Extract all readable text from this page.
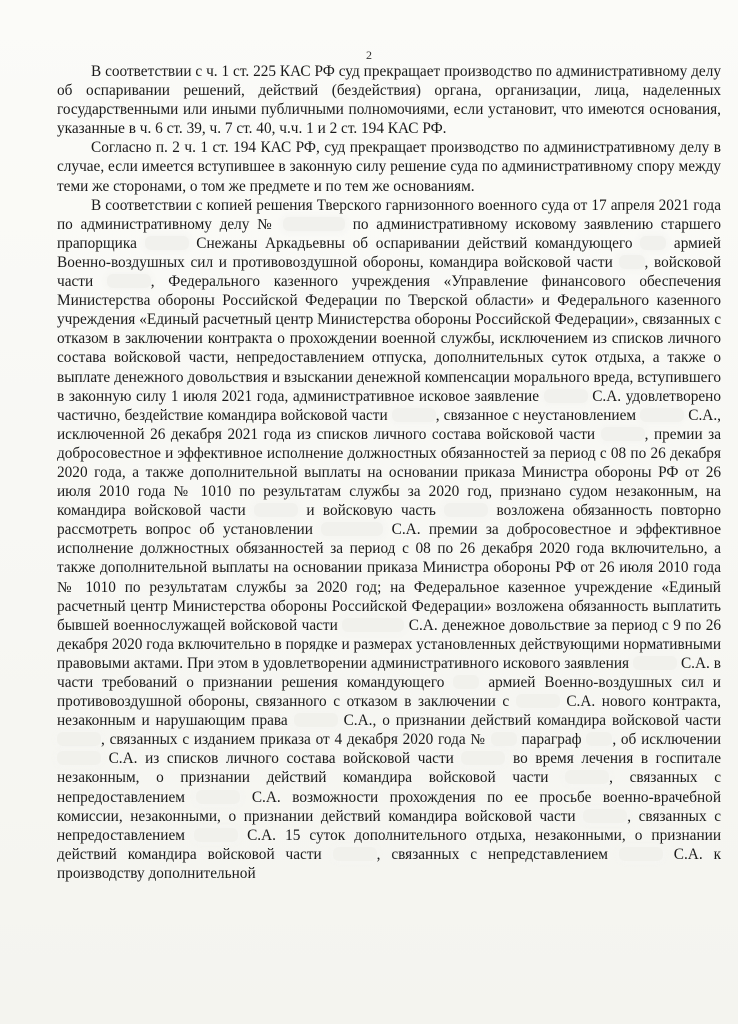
2

В соответствии с ч. 1 ст. 225 КАС РФ суд прекращает производство по административному делу об оспаривании решений, действий (бездействия) органа, организации, лица, наделенных государственными или иными публичными полномочиями, если установит, что имеются основания, указанные в ч. 6 ст. 39, ч. 7 ст. 40, ч.ч. 1 и 2 ст. 194 КАС РФ.

Согласно п. 2 ч. 1 ст. 194 КАС РФ, суд прекращает производство по административному делу в случае, если имеется вступившее в законную силу решение суда по административному спору между теми же сторонами, о том же предмете и по тем же основаниям.

В соответствии с копией решения Тверского гарнизонного военного суда от 17 апреля 2021 года по административному делу №	по административному исковому заявлению старшего прапорщика	Снежаны Аркадьевны об оспаривании действий командующего	армией Военно-воздушных сил и противовоздушной обороны, командира войсковой части , войсковой части	, Федерального казенного учреждения «Управление финансового обеспечения Министерства обороны Российской Федерации по Тверской области» и Федерального казенного учреждения «Единый расчетный центр Министерства обороны Российской Федерации», связанных с отказом в заключении контракта о прохождении военной службы, исключением из списков личного состава войсковой части, непредоставлением отпуска, дополнительных суток отдыха, а также о выплате денежного довольствия и взыскании денежной компенсации морального вреда, вступившего в законную силу 1 июля 2021 года, административное исковое заявление	С.А. удовлетворено частично, бездействие командира войсковой части	, связанное с неустановлением	С.А., исключенной 26 декабря 2021 года из списков личного состава войсковой части	, премии за добросовестное и эффективное исполнение должностных обязанностей за период с 08 по 26 декабря 2020 года, а также дополнительной выплаты на основании приказа Министра обороны РФ от 26 июля 2010 года № 1010 по результатам службы за 2020 год, признано судом незаконным, на командира войсковой части	и войсковую часть	возложена обязанность повторно рассмотреть вопрос об установлении	С.А. премии за добросовестное и эффективное исполнение должностных обязанностей за период с 08 по 26 декабря 2020 года включительно, а также дополнительной выплаты на основании приказа Министра обороны РФ от 26 июля 2010 года № 1010 по результатам службы за 2020 год; на Федеральное казенное учреждение «Единый расчетный центр Министерства обороны Российской Федерации» возложена обязанность выплатить бывшей военнослужащей войсковой части	С.А. денежное довольствие за период с 9 по 26 декабря 2020 года включительно в порядке и размерах установленных действующими нормативными правовыми актами. При этом в удовлетворении административного искового заявления	С.А. в части требований о признании решения командующего	армией Военно-воздушных сил и противовоздушной обороны, связанного с отказом в заключении с	С.А. нового контракта, незаконным и нарушающим права	С.А., о признании действий командира войсковой части , связанных с изданием приказа от 4 декабря 2020 года № параграф , об исключении  С.А. из списков личного состава войсковой части	во время лечения в госпитале незаконным, о признании действий командира войсковой части	, связанных с непредоставлением	С.А. возможности прохождения по ее просьбе военно-врачебной комиссии, незаконными, о признании действий командира войсковой части	, связанных с непредоставлением	С.А. 15 суток дополнительного отдыха, незаконными, о признании действий командира войсковой части	, связанных с непредставлением	С.А. к производству дополнительной
